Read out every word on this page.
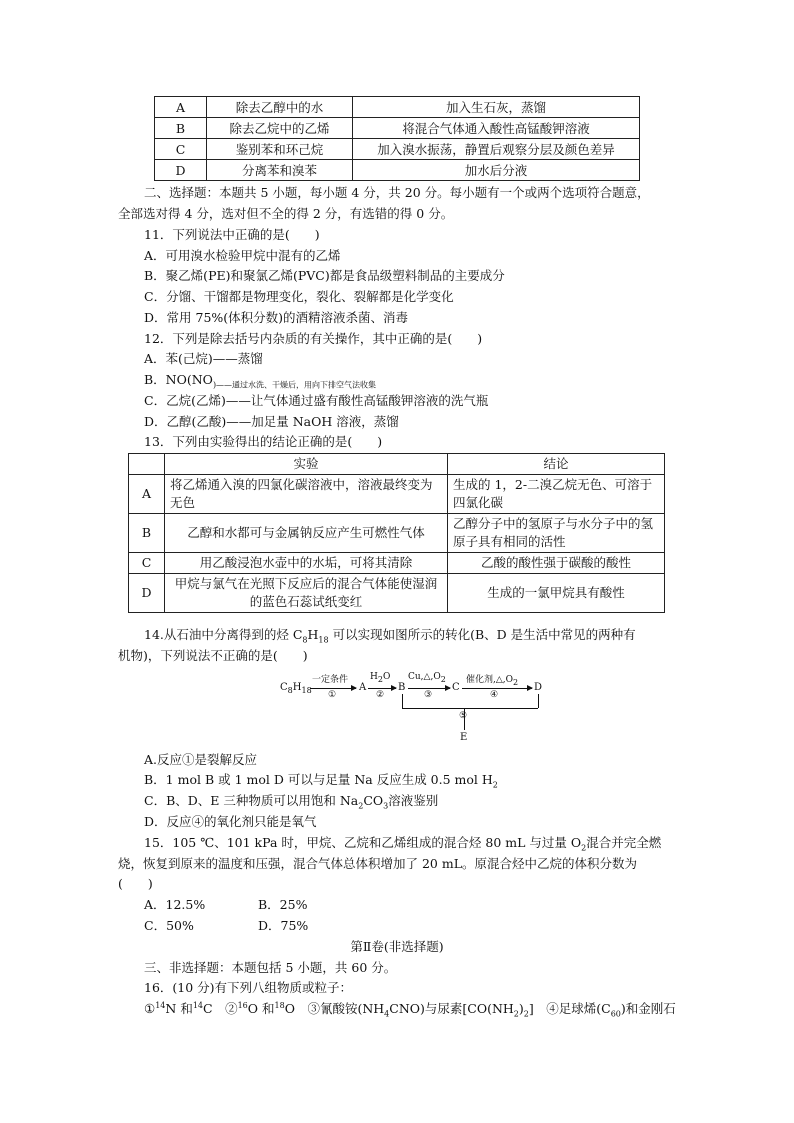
A	除去乙醇中的水	加入生石灰，蒸馏
B	除去乙烷中的乙烯	将混合气体通入酸性高锰酸钾溶液
C	鉴别苯和环己烷	加入溴水振荡，静置后观察分层及颜色差异
D	分离苯和溴苯	加水后分液
二、选择题：本题共 5 小题，每小题 4 分，共 20 分。每小题有一个或两个选项符合题意，
全部选对得 4 分，选对但不全的得 2 分，有选错的得 0 分。
11．下列说法中正确的是(　　)
A．可用溴水检验甲烷中混有的乙烯
B．聚乙烯(PE)和聚氯乙烯(PVC)都是食品级塑料制品的主要成分
C．分馏、干馏都是物理变化，裂化、裂解都是化学变化
D．常用 75%(体积分数)的酒精溶液杀菌、消毒
12．下列是除去括号内杂质的有关操作，其中正确的是(　　)
A．苯(己烷)——蒸馏
B．$NO(NO_{)——通过水洗、干燥后,用向下排空气法收集}$
C．乙烷(乙烯)——让气体通过盛有酸性高锰酸钾溶液的洗气瓶
D．乙醇(乙酸)——加足量 NaOH 溶液，蒸馏
13．下列由实验得出的结论正确的是(　　)
	实验	结论
A	将乙烯通入溴的四氯化碳溶液中，溶液最终变为无色	生成的 1，2-二溴乙烷无色、可溶于四氯化碳
B	乙醇和水都可与金属钠反应产生可燃性气体	乙醇分子中的氢原子与水分子中的氢原子具有相同的活性
C	用乙酸浸泡水壶中的水垢，可将其清除	乙酸的酸性强于碳酸的酸性
D	甲烷与氯气在光照下反应后的混合气体能使湿润的蓝色石蕊试纸变红	生成的一氯甲烷具有酸性
14.从石油中分离得到的烃 $C_8H_{18}$ 可以实现如图所示的转化(B、D 是生活中常见的两种有
机物)，下列说法不正确的是(　　)
$C_8H_{18}$
一定条件
①
A
$H_2O$
②
B
$Cu,\triangle,O_2$
③
C
催化剂$,\triangle,O_2$
④
D
⑤
E
A.反应①是裂解反应
B．1 mol B 或 1 mol D 可以与足量 Na 反应生成 0.5 mol $H_2$
C．B、D、E 三种物质可以用饱和 $Na_2CO_3$溶液鉴别
D．反应④的氧化剂只能是氧气
15．105 ℃、101 kPa 时，甲烷、乙烷和乙烯组成的混合烃 80 mL 与过量 $O_2$混合并完全燃
烧，恢复到原来的温度和压强，混合气体总体积增加了 20 mL。原混合烃中乙烷的体积分数为
(　　)
A．12.5%	B．25%
C．50%	D．75%
第Ⅱ卷(非选择题)
三、非选择题：本题包括 5 小题，共 60 分。
16．(10 分)有下列八组物质或粒子：
①$^{14}$N 和$^{14}$C　②$^{16}$O 和$^{18}$O　③氰酸铵$(NH_4CNO)$与尿素$[CO(NH_2)_2]$　④足球烯$(C_{60})$和金刚石
